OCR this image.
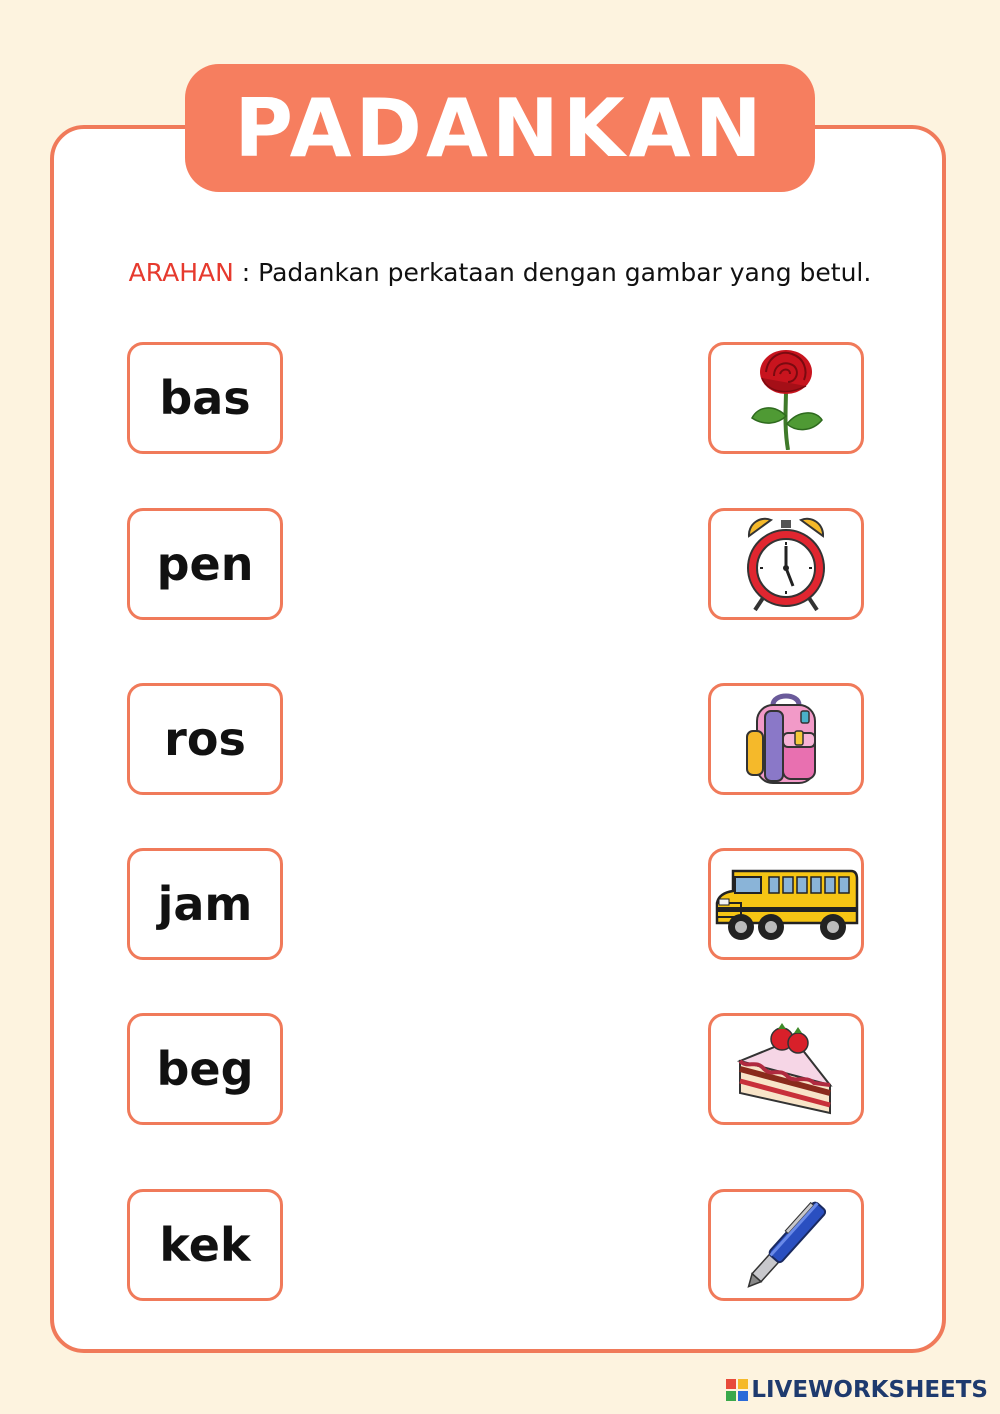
PADANKAN
ARAHAN : Padankan perkataan dengan gambar yang betul.
bas
pen
ros
jam
beg
kek
LIVEWORKSHEETS
